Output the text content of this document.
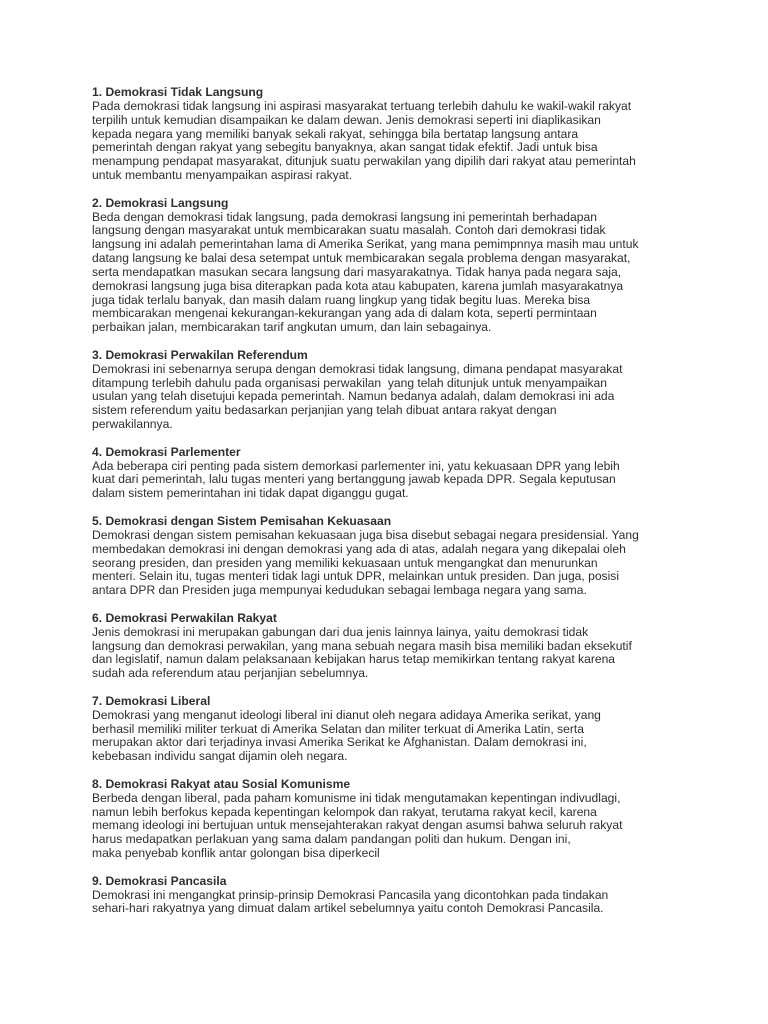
1. Demokrasi Tidak Langsung
Pada demokrasi tidak langsung ini aspirasi masyarakat tertuang terlebih dahulu ke wakil-wakil rakyat
terpilih untuk kemudian disampaikan ke dalam dewan. Jenis demokrasi seperti ini diaplikasikan
kepada negara yang memiliki banyak sekali rakyat, sehingga bila bertatap langsung antara
pemerintah dengan rakyat yang sebegitu banyaknya, akan sangat tidak efektif. Jadi untuk bisa
menampung pendapat masyarakat, ditunjuk suatu perwakilan yang dipilih dari rakyat atau pemerintah
untuk membantu menyampaikan aspirasi rakyat.
2. Demokrasi Langsung
Beda dengan demokrasi tidak langsung, pada demokrasi langsung ini pemerintah berhadapan
langsung dengan masyarakat untuk membicarakan suatu masalah. Contoh dari demokrasi tidak
langsung ini adalah pemerintahan lama di Amerika Serikat, yang mana pemimpnnya masih mau untuk
datang langsung ke balai desa setempat untuk membicarakan segala problema dengan masyarakat,
serta mendapatkan masukan secara langsung dari masyarakatnya. Tidak hanya pada negara saja,
demokrasi langsung juga bisa diterapkan pada kota atau kabupaten, karena jumlah masyarakatnya
juga tidak terlalu banyak, dan masih dalam ruang lingkup yang tidak begitu luas. Mereka bisa
membicarakan mengenai kekurangan-kekurangan yang ada di dalam kota, seperti permintaan
perbaikan jalan, membicarakan tarif angkutan umum, dan lain sebagainya.
3. Demokrasi Perwakilan Referendum
Demokrasi ini sebenarnya serupa dengan demokrasi tidak langsung, dimana pendapat masyarakat
ditampung terlebih dahulu pada organisasi perwakilan  yang telah ditunjuk untuk menyampaikan
usulan yang telah disetujui kepada pemerintah. Namun bedanya adalah, dalam demokrasi ini ada
sistem referendum yaitu bedasarkan perjanjian yang telah dibuat antara rakyat dengan
perwakilannya.
4. Demokrasi Parlementer
Ada beberapa ciri penting pada sistem demorkasi parlementer ini, yatu kekuasaan DPR yang lebih
kuat dari pemerintah, lalu tugas menteri yang bertanggung jawab kepada DPR. Segala keputusan
dalam sistem pemerintahan ini tidak dapat diganggu gugat.
5. Demokrasi dengan Sistem Pemisahan Kekuasaan
Demokrasi dengan sistem pemisahan kekuasaan juga bisa disebut sebagai negara presidensial. Yang
membedakan demokrasi ini dengan demokrasi yang ada di atas, adalah negara yang dikepalai oleh
seorang presiden, dan presiden yang memiliki kekuasaan untuk mengangkat dan menurunkan
menteri. Selain itu, tugas menteri tidak lagi untuk DPR, melainkan untuk presiden. Dan juga, posisi
antara DPR dan Presiden juga mempunyai kedudukan sebagai lembaga negara yang sama.
6. Demokrasi Perwakilan Rakyat
Jenis demokrasi ini merupakan gabungan dari dua jenis lainnya lainya, yaitu demokrasi tidak
langsung dan demokrasi perwakilan, yang mana sebuah negara masih bisa memiliki badan eksekutif
dan legislatif, namun dalam pelaksanaan kebijakan harus tetap memikirkan tentang rakyat karena
sudah ada referendum atau perjanjian sebelumnya.
7. Demokrasi Liberal
Demokrasi yang menganut ideologi liberal ini dianut oleh negara adidaya Amerika serikat, yang
berhasil memiliki militer terkuat di Amerika Selatan dan militer terkuat di Amerika Latin, serta
merupakan aktor dari terjadinya invasi Amerika Serikat ke Afghanistan. Dalam demokrasi ini,
kebebasan individu sangat dijamin oleh negara.
8. Demokrasi Rakyat atau Sosial Komunisme
Berbeda dengan liberal, pada paham komunisme ini tidak mengutamakan kepentingan indivudlagi,
namun lebih berfokus kepada kepentingan kelompok dan rakyat, terutama rakyat kecil, karena
memang ideologi ini bertujuan untuk mensejahterakan rakyat dengan asumsi bahwa seluruh rakyat
harus medapatkan perlakuan yang sama dalam pandangan politi dan hukum. Dengan ini,
maka penyebab konflik antar golongan bisa diperkecil
9. Demokrasi Pancasila
Demokrasi ini mengangkat prinsip-prinsip Demokrasi Pancasila yang dicontohkan pada tindakan
sehari-hari rakyatnya yang dimuat dalam artikel sebelumnya yaitu contoh Demokrasi Pancasila.
